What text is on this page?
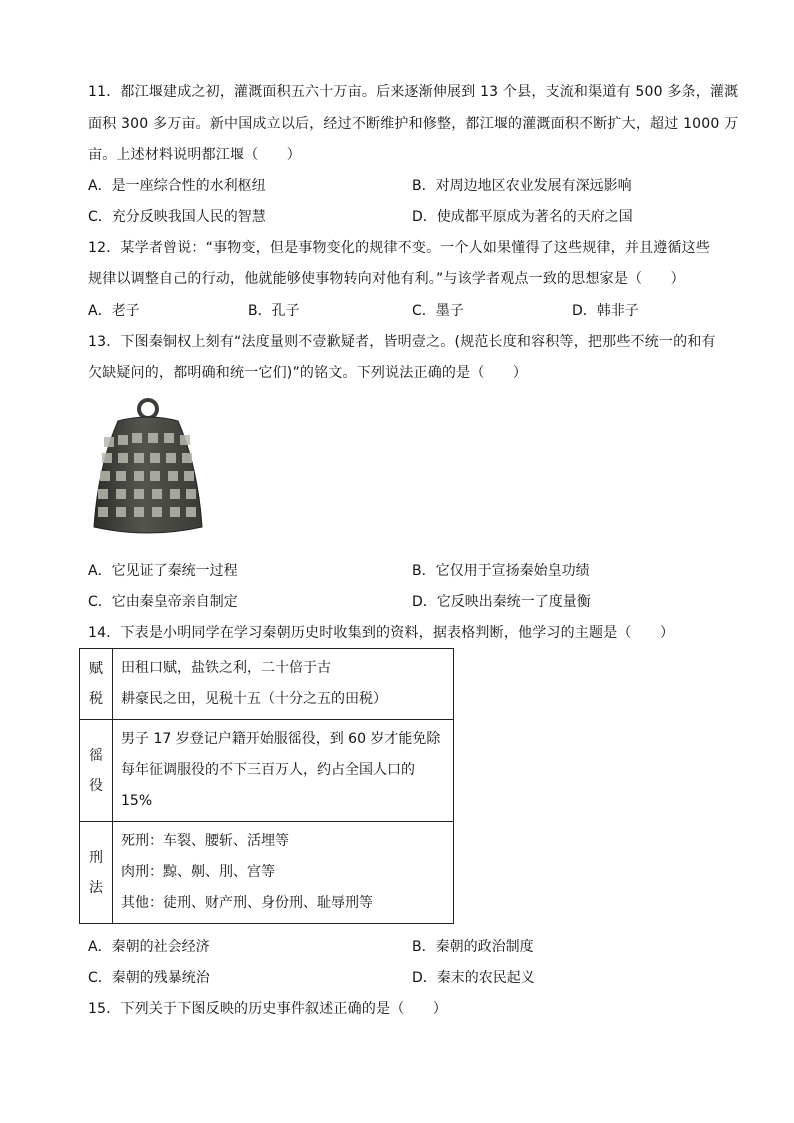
11．都江堰建成之初，灌溉面积五六十万亩。后来逐渐伸展到 13 个县，支流和渠道有 500 多条，灌溉
面积 300 多万亩。新中国成立以后，经过不断维护和修整，都江堰的灌溉面积不断扩大，超过 1000 万
亩。上述材料说明都江堰（　　）
A．是一座综合性的水利枢纽	B．对周边地区农业发展有深远影响
C．充分反映我国人民的智慧	D．使成都平原成为著名的天府之国
12．某学者曾说：“事物变，但是事物变化的规律不变。一个人如果懂得了这些规律，并且遵循这些
规律以调整自己的行动，他就能够使事物转向对他有利。”与该学者观点一致的思想家是（　　）
A．老子	B．孔子	C．墨子	D．韩非子
13．下图秦铜权上刻有“法度量则不壹歉疑者，皆明壹之。(规范长度和容积等，把那些不统一的和有
欠缺疑问的，都明确和统一它们)”的铭文。下列说法正确的是（　　）
A．它见证了秦统一过程	B．它仅用于宣扬秦始皇功绩
C．它由秦皇帝亲自制定	D．它反映出秦统一了度量衡
14．下表是小明同学在学习秦朝历史时收集到的资料，据表格判断，他学习的主题是（　　）
赋
税	田租口赋，盐铁之利，二十倍于古
耕豪民之田，见税十五（十分之五的田税）

徭
役	男子 17 岁登记户籍开始服徭役，到 60 岁才能免除
每年征调服役的不下三百万人，约占全国人口的 15%

刑
法	死刑：车裂、腰斩、活埋等
肉刑：黥、劓、刖、宫等
其他：徒刑、财产刑、身份刑、耻辱刑等
A．秦朝的社会经济	B．秦朝的政治制度
C．秦朝的残暴统治	D．秦末的农民起义
15．下列关于下图反映的历史事件叙述正确的是（　　）
